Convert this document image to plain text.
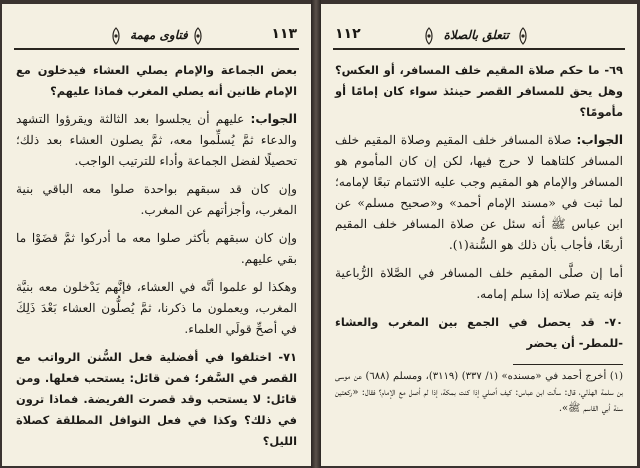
١١٣
فتاوى مهمة

بعض الجماعة والإمام يصلي العشاء فيدخلون مع الإمام ظانين أنه يصلي المغرب فماذا عليهم؟

الجواب: عليهم أن يجلسوا بعد الثالثة ويقرؤوا التشهد والدعاء ثمَّ يُسلِّموا معه، ثمَّ يصلون العشاء بعد ذلك؛ تحصيلًا لفضل الجماعة وأداء للترتيب الواجب.

وإن كان قد سبقهم بواحدة صلوا معه الباقي بنية المغرب، وأجزأتهم عن المغرب.

وإن كان سبقهم بأكثر صلوا معه ما أدركوا ثمَّ قضَوْا ما بقي عليهم.

وهكذا لو علموا أنَّه في العشاء، فإنَّهم يَدْخلون معه بنيَّة المغرب، ويعملون ما ذكرنا، ثمَّ يُصلُّون العشاء بَعْدَ ذَلِكَ في أصحِّ قولَي العلماء.

٧١- اختلفوا في أفضلية فعل السُّنن الرواتب مع القصر في السَّفر؛ فمن قائل: يستحب فعلها. ومن قائل: لا يستحب وقد قصرت الفريضة. فماذا ترون في ذلك؟ وكذا في فعل النوافل المطلقة كصلاة الليل؟

١١٢	تتعلق بالصلاة

٦٩- ما حكم صلاة المقيم خلف المسافر، أو العكس؟ وهل يحق للمسافر القصر حينئذ سواء كان إمامًا أو مأمومًا؟

الجواب: صلاة المسافر خلف المقيم وصلاة المقيم خلف المسافر كلتاهما لا حرج فيها، لكن إن كان المأموم هو المسافر والإمام هو المقيم وجب عليه الائتمام تبعًا لإمامه؛ لما ثبت في «مسند الإمام أحمد» و«صحيح مسلم» عن ابن عباس ﷺ أنه سئل عن صلاة المسافر خلف المقيم أربعًا، فأجاب بأن ذلك هو السُّنة(١).

أما إن صلَّى المقيم خلف المسافر في الصَّلاة الرُّباعية فإنه يتم صلاته إذا سلم إمامه.

٧٠- قد يحصل في الجمع بين المغرب والعشاء -للمطر- أن يحضر

(١) أخرج أحمد في «مسنده» (١/ ٣٣٧) (٣١١٩)، ومسلم (٦٨٨) عن موسى بن سلمة الهذلي، قال: سألت ابن عباس: كيف أصلي إذا كنت بمكة، إذا لم أصل مع الإمام؟ فقال: «ركعتين سنة أبي القاسم ﷺ».
